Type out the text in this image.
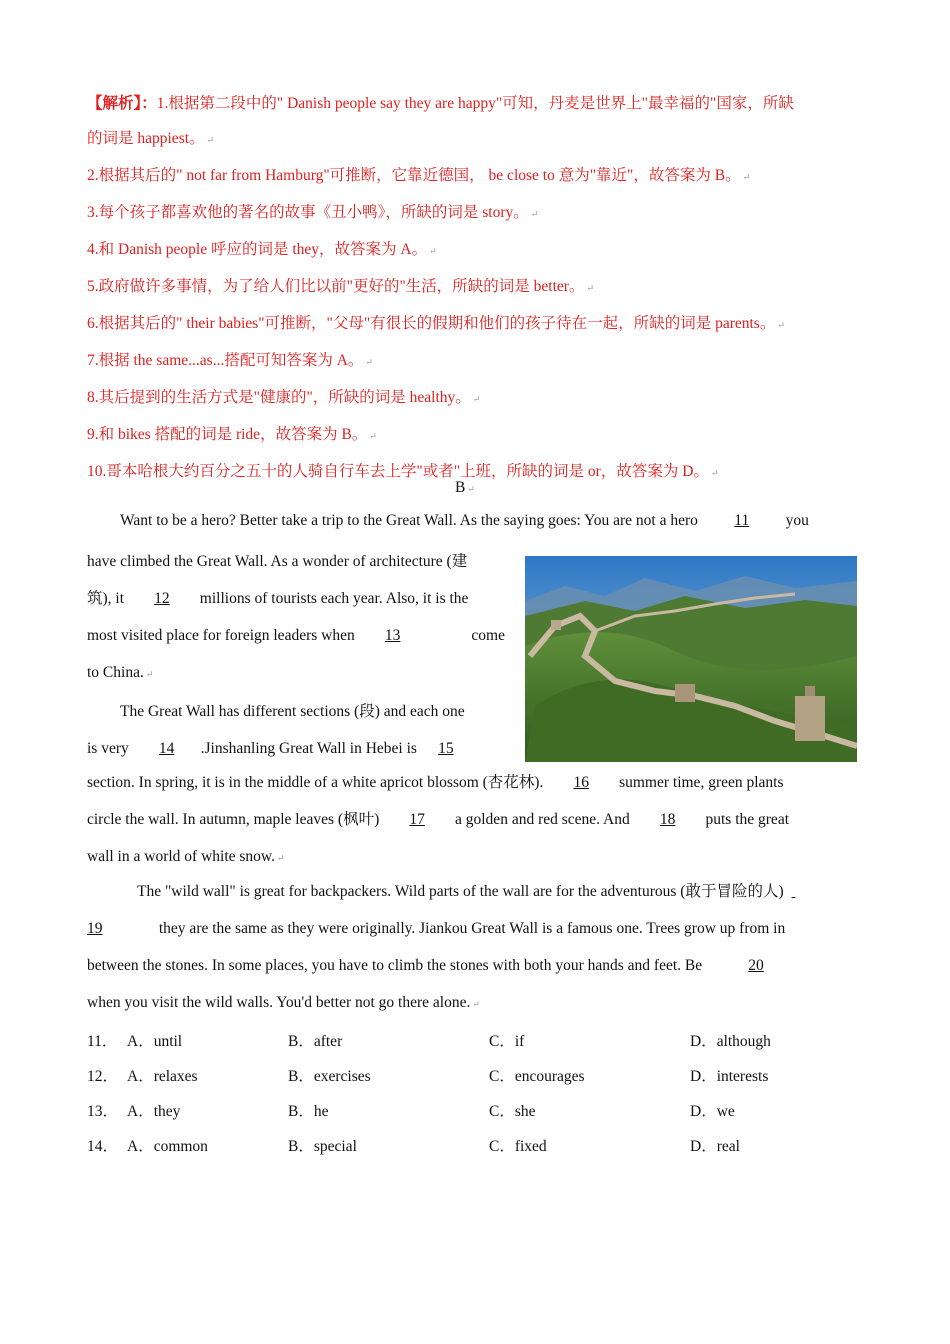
【解析】：1.根据第二段中的" Danish people say they are happy"可知，丹麦是世界上"最幸福的"国家，所缺

的词是 happiest。 ↵

2.根据其后的" not far from Hamburg"可推断，它靠近德国， be close to 意为"靠近"，故答案为 B。 ↵

3.每个孩子都喜欢他的著名的故事《丑小鸭》，所缺的词是 story。 ↵

4.和 Danish people 呼应的词是 they，故答案为 A。 ↵

5.政府做许多事情，为了给人们比以前"更好的"生活，所缺的词是 better。 ↵

6.根据其后的" their babies"可推断，"父母"有很长的假期和他们的孩子待在一起，所缺的词是 parents。 ↵

7.根据 the same...as...搭配可知答案为 A。 ↵

8.其后提到的生活方式是"健康的"，所缺的词是 healthy。 ↵

9.和 bikes 搭配的词是 ride，故答案为 B。 ↵

10.哥本哈根大约百分之五十的人骑自行车去上学"或者"上班，所缺的词是 or，故答案为 D。 ↵

B ↵
Want to be a hero? Better take a trip to the Great Wall. As the saying goes: You are not a hero 11 you
have climbed the Great Wall. As a wonder of architecture (建
筑), it 12 millions of tourists each year. Also, it is the
most visited place for foreign leaders when 13	come
to China. ↵
The Great Wall has different sections (段) and each one
is very 14 .Jinshanling Great Wall in Hebei is 15
section. In spring, it is in the middle of a white apricot blossom (杏花林). 16 summer time, green plants
circle the wall. In autumn, maple leaves (枫叶) 17 a golden and red scene. And 18 puts the great
wall in a world of white snow. ↵
The "wild wall" is great for backpackers. Wild parts of the wall are for the adventurous (敢于冒险的人)
19	they are the same as they were originally. Jiankou Great Wall is a famous one. Trees grow up from in
between the stones. In some places, you have to climb the stones with both your hands and feet. Be	20
when you visit the wild walls. You'd better not go there alone. ↵
11． A．until	B．after	C．if	D．although
12． A．relaxes	B．exercises	C．encourages	D．interests
13． A．they	B．he	C．she	D．we
14． A．common	B．special	C．fixed	D．real
